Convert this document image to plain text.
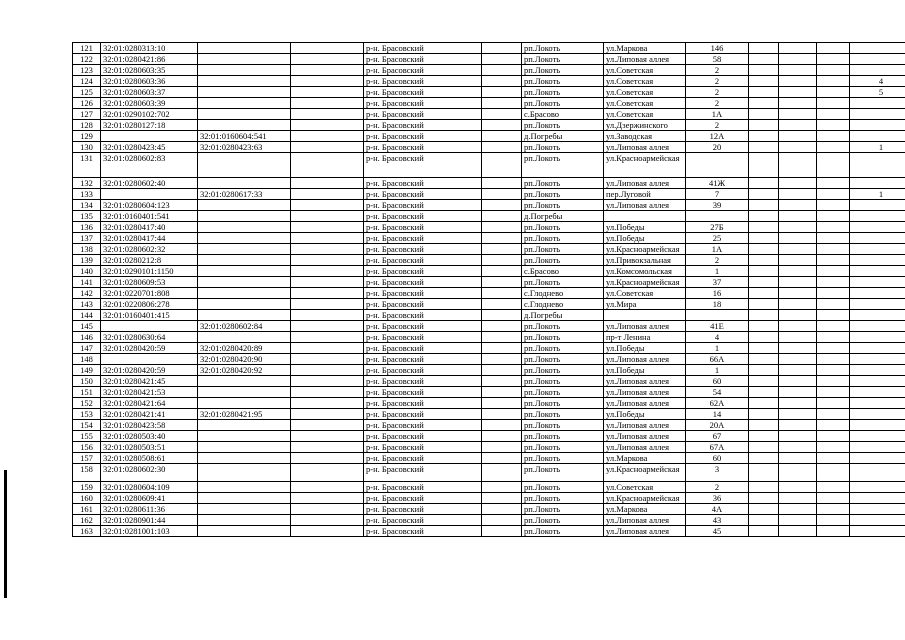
121	32:01:0280313:10			р-н. Брасовский		рп.Локоть	ул.Маркова	146				
122	32:01:0280421:86			р-н. Брасовский		рп.Локоть	ул.Липовая аллея	58				
123	32:01:0280603:35			р-н. Брасовский		рп.Локоть	ул.Советская	2				
124	32:01:0280603:36			р-н. Брасовский		рп.Локоть	ул.Советская	2				4
125	32:01:0280603:37			р-н. Брасовский		рп.Локоть	ул.Советская	2				5
126	32:01:0280603:39			р-н. Брасовский		рп.Локоть	ул.Советская	2				
127	32:01:0290102:702			р-н. Брасовский		с.Брасово	ул.Советская	1А				
128	32:01:0280127:18			р-н. Брасовский		рп.Локоть	ул.Дзержинского	2				
129		32:01:0160604:541		р-н. Брасовский		д.Погребы	ул.Заводская	12А				
130	32:01:0280423:45	32:01:0280423:63		р-н. Брасовский		рп.Локоть	ул.Липовая аллея	20				1
131	32:01:0280602:83			р-н. Брасовский		рп.Локоть	ул.Красноармейская					
132	32:01:0280602:40			р-н. Брасовский		рп.Локоть	ул.Липовая аллея	41Ж				
133		32:01:0280617:33		р-н. Брасовский		рп.Локоть	пер.Луговой	7				1
134	32:01:0280604:123			р-н. Брасовский		рп.Локоть	ул.Липовая аллея	39				
135	32:01:0160401:541			р-н. Брасовский		д.Погребы						
136	32:01:0280417:40			р-н. Брасовский		рп.Локоть	ул.Победы	27Б				
137	32:01:0280417:44			р-н. Брасовский		рп.Локоть	ул.Победы	25				
138	32:01:0280602:32			р-н. Брасовский		рп.Локоть	ул.Красноармейская	1А				
139	32:01:0280212:8			р-н. Брасовский		рп.Локоть	ул.Привокзальная	2				
140	32:01:0290101:1150			р-н. Брасовский		с.Брасово	ул.Комсомольская	1				
141	32:01:0280609:53			р-н. Брасовский		рп.Локоть	ул.Красноармейская	37				
142	32:01:0220701:808			р-н. Брасовский		с.Глоднево	ул.Советская	16				
143	32:01:0220806:278			р-н. Брасовский		с.Глоднево	ул.Мира	18				
144	32:01:0160401:415			р-н. Брасовский		д.Погребы						
145		32:01:0280602:84		р-н. Брасовский		рп.Локоть	ул.Липовая аллея	41Е				
146	32:01:0280630:64			р-н. Брасовский		рп.Локоть	пр-т Ленина	4				
147	32:01:0280420:59	32:01:0280420:89		р-н. Брасовский		рп.Локоть	ул.Победы	1				
148		32:01:0280420:90		р-н. Брасовский		рп.Локоть	ул.Липовая аллея	66А				
149	32:01:0280420:59	32:01:0280420:92		р-н. Брасовский		рп.Локоть	ул.Победы	1				
150	32:01:0280421:45			р-н. Брасовский		рп.Локоть	ул.Липовая аллея	60				
151	32:01:0280421:53			р-н. Брасовский		рп.Локоть	ул.Липовая аллея	54				
152	32:01:0280421:64			р-н. Брасовский		рп.Локоть	ул.Липовая аллея	62А				
153	32:01:0280421:41	32:01:0280421:95		р-н. Брасовский		рп.Локоть	ул.Победы	14				
154	32:01:0280423:58			р-н. Брасовский		рп.Локоть	ул.Липовая аллея	20А				
155	32:01:0280503:40			р-н. Брасовский		рп.Локоть	ул.Липовая аллея	67				
156	32:01:0280503:51			р-н. Брасовский		рп.Локоть	ул.Липовая аллея	67А				
157	32:01:0280508:61			р-н. Брасовский		рп.Локоть	ул.Маркова	60				
158	32:01:0280602:30			р-н. Брасовский		рп.Локоть	ул.Красноармейская	3				
159	32:01:0280604:109			р-н. Брасовский		рп.Локоть	ул.Советская	2				
160	32:01:0280609:41			р-н. Брасовский		рп.Локоть	ул.Красноармейская	36				
161	32:01:0280611:36			р-н. Брасовский		рп.Локоть	ул.Маркова	4А				
162	32:01:0280901:44			р-н. Брасовский		рп.Локоть	ул.Липовая аллея	43				
163	32:01:0281001:103			р-н. Брасовский		рп.Локоть	ул.Липовая аллея	45				
